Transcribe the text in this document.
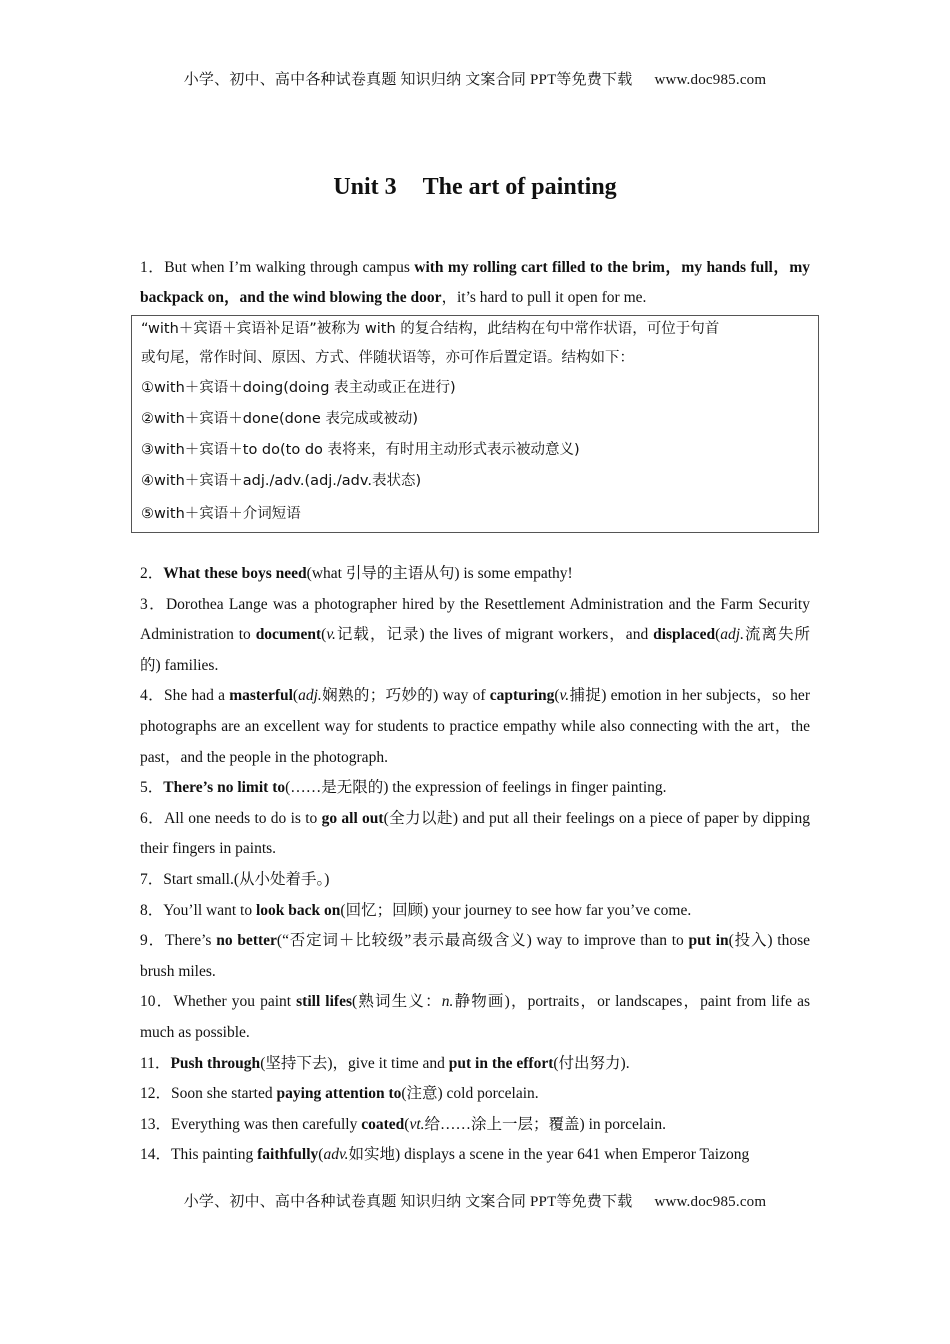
小学、初中、高中各种试卷真题 知识归纳 文案合同 PPT等免费下载 www.doc985.com
Unit 3 The art of painting

1．But when I’m walking through campus with my rolling cart filled to the brim，my hands full，my backpack on，and the wind blowing the door，it’s hard to pull it open for me.

“with＋宾语＋宾语补足语”被称为 with 的复合结构，此结构在句中常作状语，可位于句首
或句尾，常作时间、原因、方式、伴随状语等，亦可作后置定语。结构如下：
①with＋宾语＋doing(doing 表主动或正在进行)
②with＋宾语＋done(done 表完成或被动)
③with＋宾语＋to do(to do 表将来，有时用主动形式表示被动意义)
④with＋宾语＋adj./adv.(adj./adv.表状态)
⑤with＋宾语＋介词短语

2．What these boys need(what 引导的主语从句) is some empathy!

3．Dorothea Lange was a photographer hired by the Resettlement Administration and the Farm Security Administration to document(v.记载，记录) the lives of migrant workers，and displaced(adj.流离失所的) families.

4．She had a masterful(adj.娴熟的；巧妙的) way of capturing(v.捕捉) emotion in her subjects，so her photographs are an excellent way for students to practice empathy while also connecting with the art，the past，and the people in the photograph.

5．There’s no limit to(……是无限的) the expression of feelings in finger painting.

6．All one needs to do is to go all out(全力以赴) and put all their feelings on a piece of paper by dipping their fingers in paints.

7．Start small.(从小处着手。)

8．You’ll want to look back on(回忆；回顾) your journey to see how far you’ve come.

9．There’s no better(“否定词＋比较级”表示最高级含义) way to improve than to put in(投入) those brush miles.

10．Whether you paint still lifes(熟词生义：n.静物画)，portraits，or landscapes，paint from life as much as possible.

11．Push through(坚持下去)，give it time and put in the effort(付出努力).

12．Soon she started paying attention to(注意) cold porcelain.

13．Everything was then carefully coated(vt.给……涂上一层；覆盖) in porcelain.

14．This painting faithfully(adv.如实地) displays a scene in the year 641 when Emperor Taizong

小学、初中、高中各种试卷真题 知识归纳 文案合同 PPT等免费下载 www.doc985.com
